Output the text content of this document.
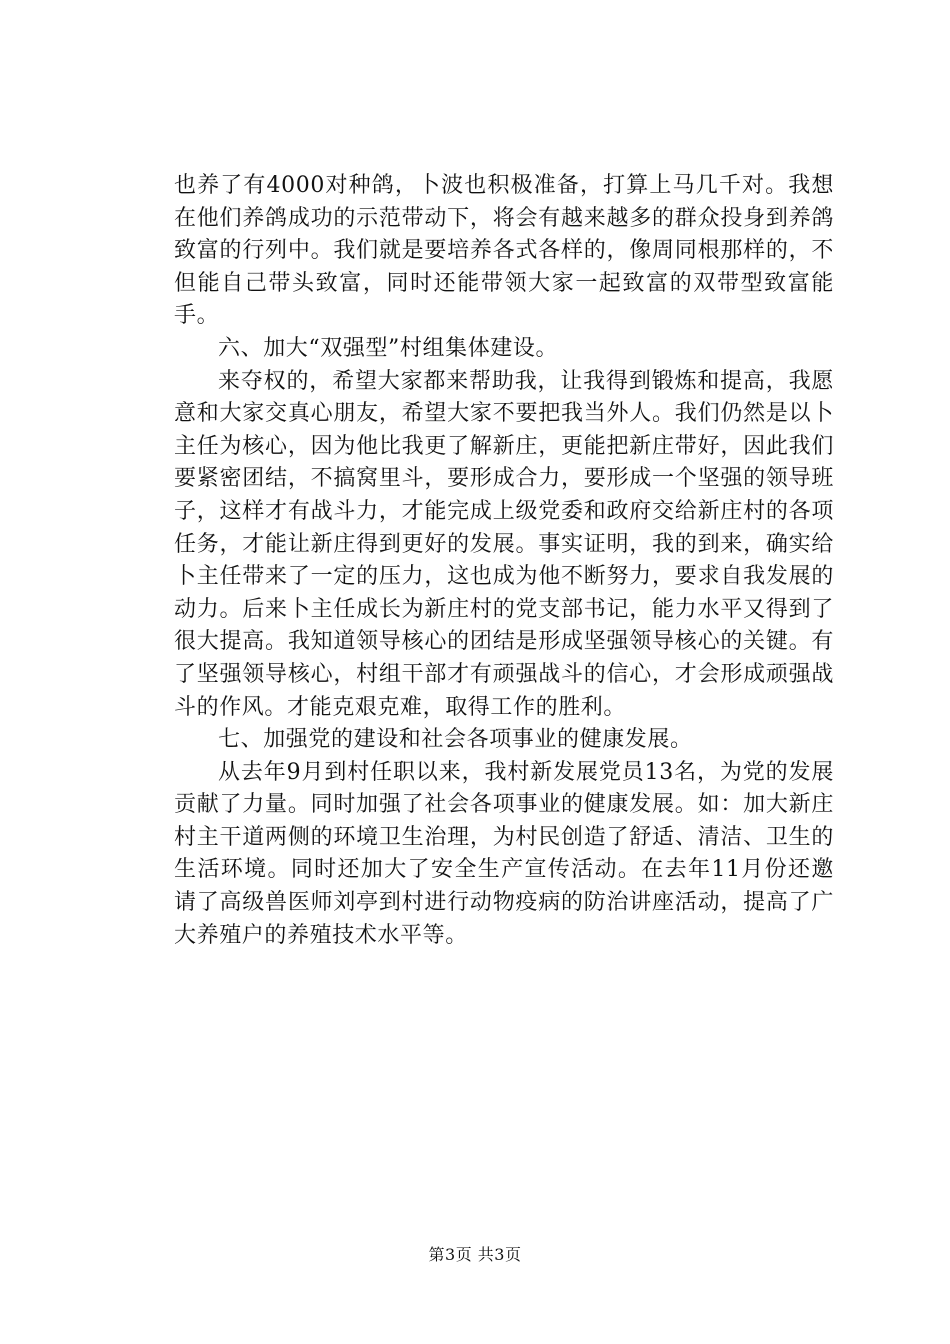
也养了有4000对种鸽，卜波也积极准备，打算上马几千对。我想在他们养鸽成功的示范带动下，将会有越来越多的群众投身到养鸽致富的行列中。我们就是要培养各式各样的，像周同根那样的，不但能自己带头致富，同时还能带领大家一起致富的双带型致富能手。

六、加大“双强型”村组集体建设。

来夺权的，希望大家都来帮助我，让我得到锻炼和提高，我愿意和大家交真心朋友，希望大家不要把我当外人。我们仍然是以卜主任为核心，因为他比我更了解新庄，更能把新庄带好，因此我们要紧密团结，不搞窝里斗，要形成合力，要形成一个坚强的领导班子，这样才有战斗力，才能完成上级党委和政府交给新庄村的各项任务，才能让新庄得到更好的发展。事实证明，我的到来，确实给卜主任带来了一定的压力，这也成为他不断努力，要求自我发展的动力。后来卜主任成长为新庄村的党支部书记，能力水平又得到了很大提高。我知道领导核心的团结是形成坚强领导核心的关键。有了坚强领导核心，村组干部才有顽强战斗的信心，才会形成顽强战斗的作风。才能克艰克难，取得工作的胜利。

七、加强党的建设和社会各项事业的健康发展。

从去年9月到村任职以来，我村新发展党员13名，为党的发展贡献了力量。同时加强了社会各项事业的健康发展。如：加大新庄村主干道两侧的环境卫生治理，为村民创造了舒适、清洁、卫生的生活环境。同时还加大了安全生产宣传活动。在去年11月份还邀请了高级兽医师刘亭到村进行动物疫病的防治讲座活动，提高了广大养殖户的养殖技术水平等。

第3页 共3页
